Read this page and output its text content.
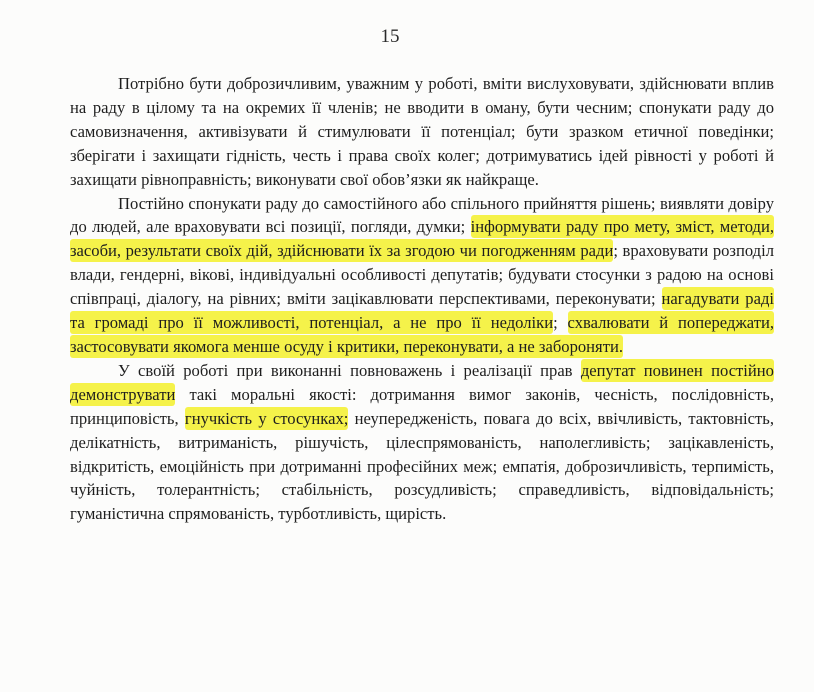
15

Потрібно бути доброзичливим, уважним у роботі, вміти вислуховувати, здійснювати вплив на раду в цілому та на окремих її членів; не вводити в оману, бути чесним; спонукати раду до самовизначення, активізувати й стимулювати її потенціал; бути зразком етичної поведінки; зберігати і захищати гідність, честь і права своїх колег; дотримуватись ідей рівності у роботі й захищати рівноправність; виконувати свої обов’язки як найкраще.

Постійно спонукати раду до самостійного або спільного прийняття рішень; виявляти довіру до людей, але враховувати всі позиції, погляди, думки; інформувати раду про мету, зміст, методи, засоби, результати своїх дій, здійснювати їх за згодою чи погодженням ради; враховувати розподіл влади, гендерні, вікові, індивідуальні особливості депутатів; будувати стосунки з радою на основі співпраці, діалогу, на рівних; вміти зацікавлювати перспективами, переконувати; нагадувати раді та громаді про її можливості, потенціал, а не про її недоліки; схвалювати й попереджати, застосовувати якомога менше осуду і критики, переконувати, а не забороняти.

У своїй роботі при виконанні повноважень і реалізації прав депутат повинен постійно демонструвати такі моральні якості: дотримання вимог законів, чесність, послідовність, принциповість, гнучкість у стосунках; неупередженість, повага до всіх, ввічливість, тактовність, делікатність, витриманість, рішучість, цілеспрямованість, наполегливість; зацікавленість, відкритість, емоційність при дотриманні професійних меж; емпатія, доброзичливість, терпимість, чуйність, толерантність; стабільність, розсудливість; справедливість, відповідальність; гуманістична спрямованість, турботливість, щирість.
